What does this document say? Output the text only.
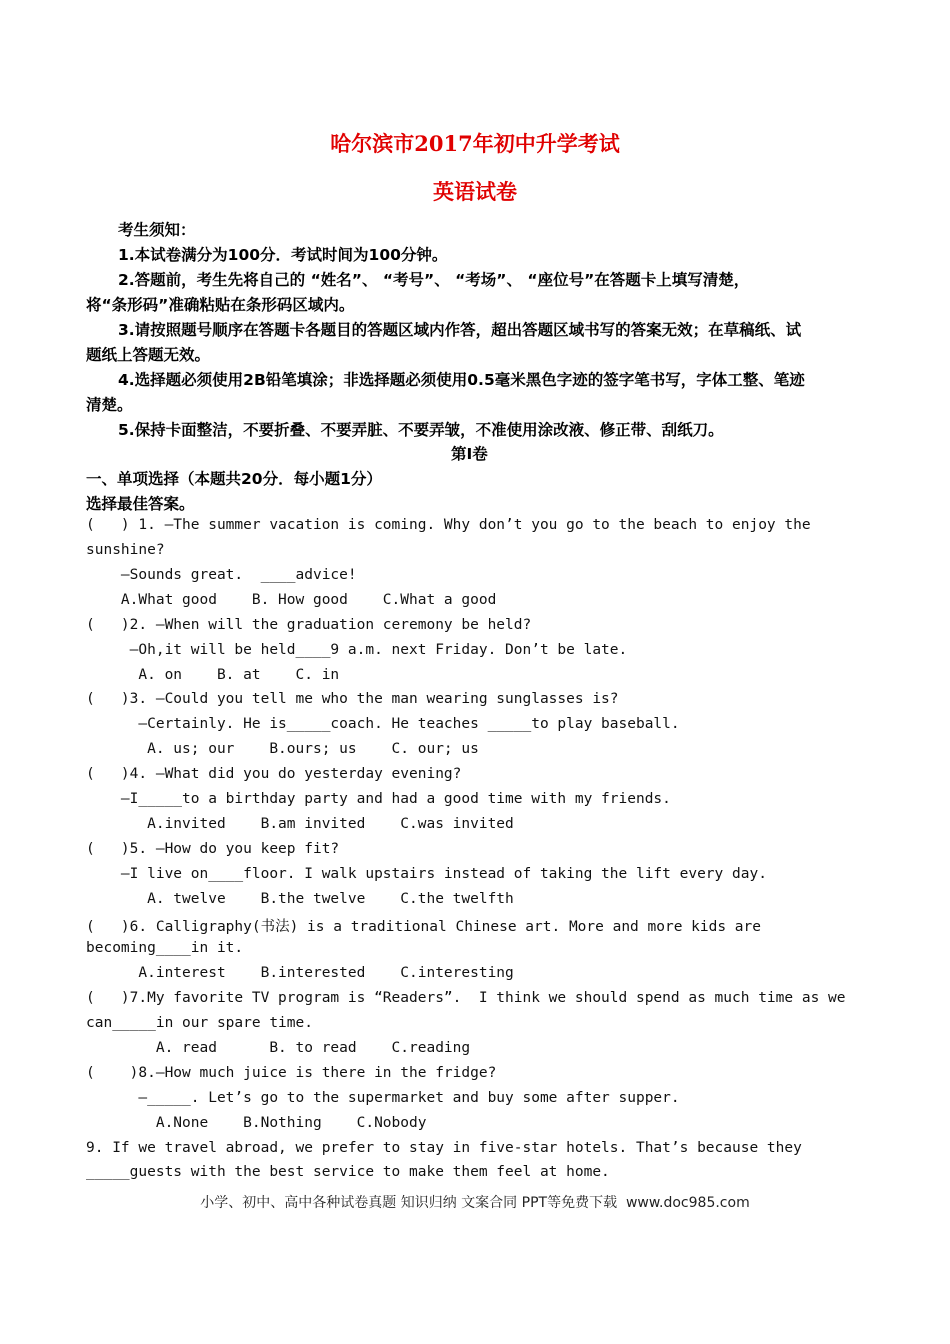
哈尔滨市2017年初中升学考试
英语试卷
考生须知：
1.本试卷满分为100分．考试时间为100分钟。
2.答题前，考生先将自己的 “姓名”、 “考号”、 “考场”、 “座位号”在答题卡上填写清楚，
将“条形码”准确粘贴在条形码区域内。
3.请按照题号顺序在答题卡各题目的答题区域内作答，超出答题区域书写的答案无效；在草稿纸、试
题纸上答题无效。
4.选择题必须使用2B铅笔填涂；非选择题必须使用0.5毫米黑色字迹的签字笔书写，字体工整、笔迹
清楚。
5.保持卡面整洁，不要折叠、不要弄脏、不要弄皱，不准使用涂改液、修正带、刮纸刀。
第I卷
一、单项选择（本题共20分．每小题1分）
选择最佳答案。
(   ) 1. —The summer vacation is coming. Why don’t you go to the beach to enjoy the
sunshine?
—Sounds great.  ____advice!
A.What good    B. How good    C.What a good
(   )2. —When will the graduation ceremony be held?
—Oh,it will be held____9 a.m. next Friday. Don’t be late.
A. on    B. at    C. in
(   )3. —Could you tell me who the man wearing sunglasses is?
—Certainly. He is_____coach. He teaches _____to play baseball.
A. us; our    B.ours; us    C. our; us
(   )4. —What did you do yesterday evening?
—I_____to a birthday party and had a good time with my friends.
A.invited    B.am invited    C.was invited
(   )5. —How do you keep fit?
—I live on____floor. I walk upstairs instead of taking the lift every day.
A. twelve    B.the twelve    C.the twelfth
(   )6. Calligraphy(书法) is a traditional Chinese art. More and more kids are
becoming____in it.
A.interest    B.interested    C.interesting
(   )7.My favorite TV program is “Readers”.  I think we should spend as much time as we
can_____in our spare time.
A. read      B. to read    C.reading
(    )8.—How much juice is there in the fridge?
—_____. Let’s go to the supermarket and buy some after supper.
A.None    B.Nothing    C.Nobody
9. If we travel abroad, we prefer to stay in five-star hotels. That’s because they
_____guests with the best service to make them feel at home.
小学、初中、高中各种试卷真题 知识归纳 文案合同 PPT等免费下载  www.doc985.com
